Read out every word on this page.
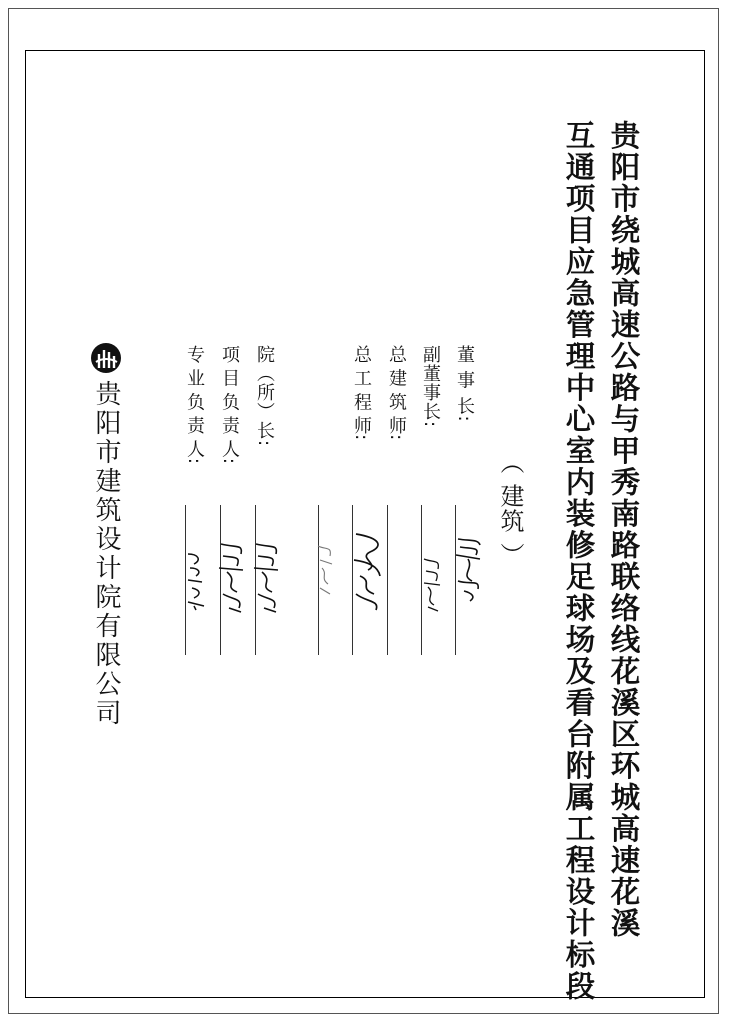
贵阳市绕城高速公路与甲秀南路联络线花溪区环城高速花溪
互通项目应急管理中心室内装修足球场及看台附属工程设计标段
（ 建筑 ）
董 事 长:
副董事长:
总 建 筑 师:
总 工 程 师:
院（所）长:
项 目 负 责 人:
专 业 负 责 人:
贵阳市建筑设计院有限公司
